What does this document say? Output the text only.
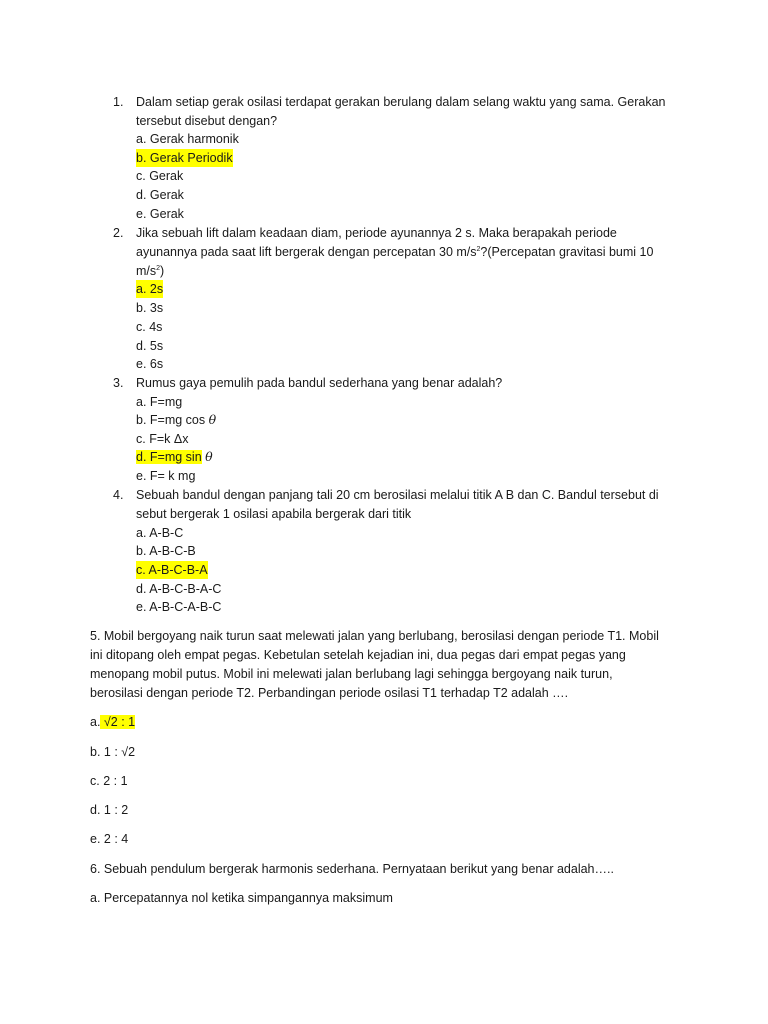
1. Dalam setiap gerak osilasi terdapat gerakan berulang dalam selang waktu yang sama. Gerakan
tersebut disebut dengan?
a. Gerak harmonik
b. Gerak Periodik
c. Gerak
d. Gerak
e. Gerak
2. Jika sebuah lift dalam keadaan diam, periode ayunannya 2 s. Maka berapakah periode
ayunannya pada saat lift bergerak dengan percepatan 30 $m/s^2?(Percepatan$ gravitasi bumi 10
$m/s^2$)
a. 2s
b. 3s
c. 4s
d. 5s
e. 6s
3. Rumus gaya pemulih pada bandul sederhana yang benar adalah?
a. F=mg
b. F=mg cos θ
c. F=k Δx
d. F=mg sin θ
e. F= k mg
4. Sebuah bandul dengan panjang tali 20 cm berosilasi melalui titik A B dan C. Bandul tersebut di
sebut bergerak 1 osilasi apabila bergerak dari titik
a. A-B-C
b. A-B-C-B
c. A-B-C-B-A
d. A-B-C-B-A-C
e. A-B-C-A-B-C
5. Mobil bergoyang naik turun saat melewati jalan yang berlubang, berosilasi dengan periode T1. Mobil
ini ditopang oleh empat pegas. Kebetulan setelah kejadian ini, dua pegas dari empat pegas yang
menopang mobil putus. Mobil ini melewati jalan berlubang lagi sehingga bergoyang naik turun,
berosilasi dengan periode T2. Perbandingan periode osilasi T1 terhadap T2 adalah ….
a. √2 : 1
b. 1 : √2
c. 2 : 1
d. 1 : 2
e. 2 : 4
6. Sebuah pendulum bergerak harmonis sederhana. Pernyataan berikut yang benar adalah…..
a. Percepatannya nol ketika simpangannya maksimum
